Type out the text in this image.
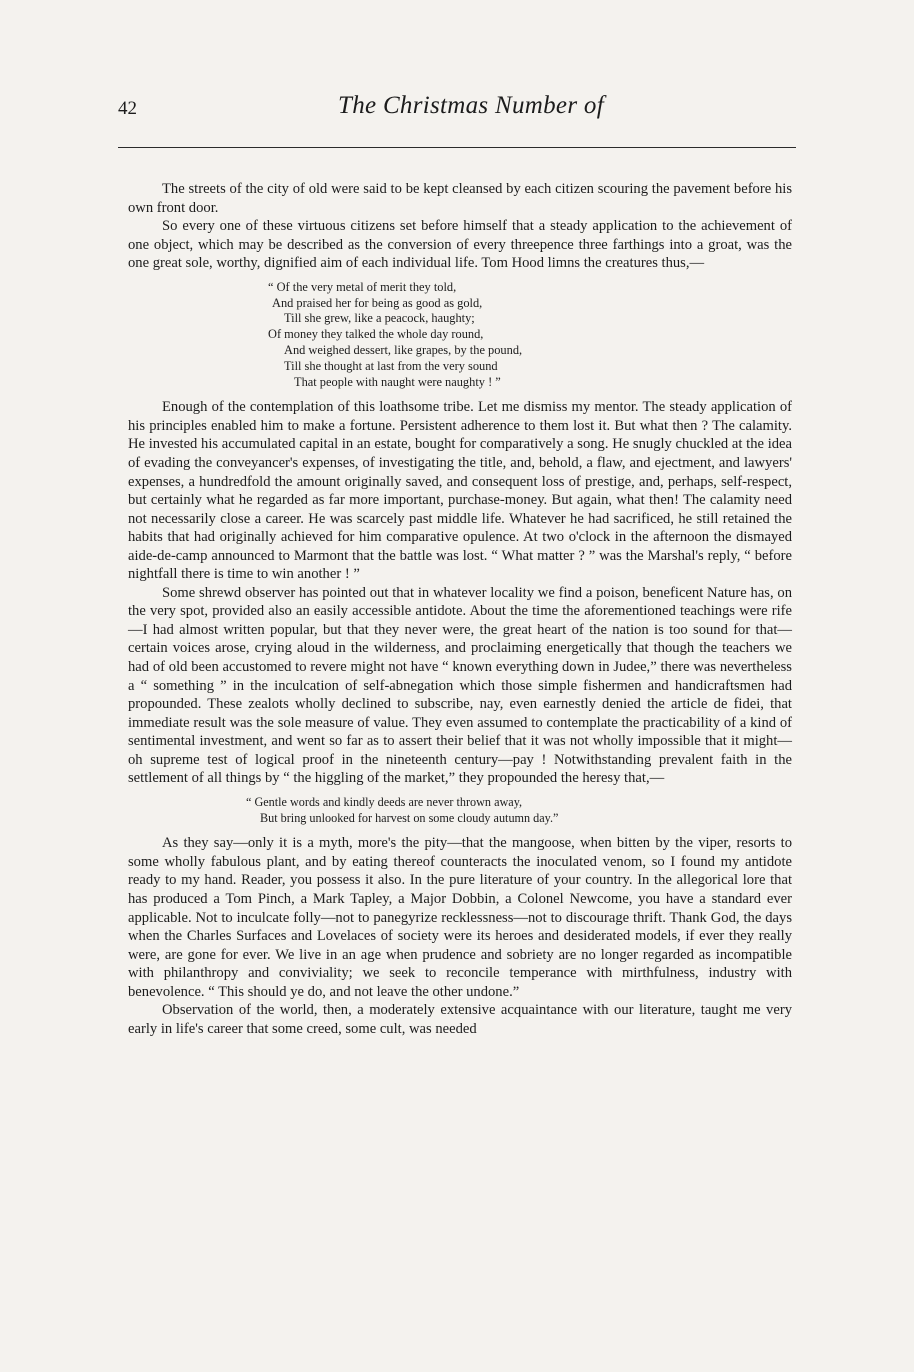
42	The Christmas Number of

The streets of the city of old were said to be kept cleansed by each citizen scouring the pavement before his own front door.

So every one of these virtuous citizens set before himself that a steady application to the achievement of one object, which may be described as the conversion of every threepence three farthings into a groat, was the one great sole, worthy, dignified aim of each individual life. Tom Hood limns the creatures thus,—

“ Of the very metal of merit they told,
And praised her for being as good as gold,
Till she grew, like a peacock, haughty;
Of money they talked the whole day round,
And weighed dessert, like grapes, by the pound,
Till she thought at last from the very sound
That people with naught were naughty ! ”

Enough of the contemplation of this loathsome tribe. Let me dismiss my mentor. The steady application of his principles enabled him to make a fortune. Persistent adherence to them lost it. But what then ? The calamity. He invested his accumulated capital in an estate, bought for comparatively a song. He snugly chuckled at the idea of evading the conveyancer's expenses, of investigating the title, and, behold, a flaw, and ejectment, and lawyers' expenses, a hundredfold the amount originally saved, and consequent loss of prestige, and, perhaps, self-respect, but certainly what he regarded as far more important, purchase-money. But again, what then! The calamity need not necessarily close a career. He was scarcely past middle life. Whatever he had sacrificed, he still retained the habits that had originally achieved for him comparative opulence. At two o'clock in the afternoon the dismayed aide-de-camp announced to Marmont that the battle was lost. “ What matter ? ” was the Marshal's reply, “ before nightfall there is time to win another ! ”

Some shrewd observer has pointed out that in whatever locality we find a poison, beneficent Nature has, on the very spot, provided also an easily accessible antidote. About the time the aforementioned teachings were rife—I had almost written popular, but that they never were, the great heart of the nation is too sound for that—certain voices arose, crying aloud in the wilderness, and proclaiming energetically that though the teachers we had of old been accustomed to revere might not have “ known everything down in Judee,” there was nevertheless a “ something ” in the inculcation of self-abnegation which those simple fishermen and handicraftsmen had propounded. These zealots wholly declined to subscribe, nay, even earnestly denied the article de fidei, that immediate result was the sole measure of value. They even assumed to contemplate the practicability of a kind of sentimental investment, and went so far as to assert their belief that it was not wholly impossible that it might—oh supreme test of logical proof in the nineteenth century—pay ! Notwithstanding prevalent faith in the settlement of all things by “ the higgling of the market,” they propounded the heresy that,—

“ Gentle words and kindly deeds are never thrown away,
But bring unlooked for harvest on some cloudy autumn day.”

As they say—only it is a myth, more's the pity—that the mangoose, when bitten by the viper, resorts to some wholly fabulous plant, and by eating thereof counteracts the inoculated venom, so I found my antidote ready to my hand. Reader, you possess it also. In the pure literature of your country. In the allegorical lore that has produced a Tom Pinch, a Mark Tapley, a Major Dobbin, a Colonel Newcome, you have a standard ever applicable. Not to inculcate folly—not to panegyrize recklessness—not to discourage thrift. Thank God, the days when the Charles Surfaces and Lovelaces of society were its heroes and desiderated models, if ever they really were, are gone for ever. We live in an age when prudence and sobriety are no longer regarded as incompatible with philanthropy and conviviality; we seek to reconcile temperance with mirthfulness, industry with benevolence. “ This should ye do, and not leave the other undone.”

Observation of the world, then, a moderately extensive acquaintance with our literature, taught me very early in life's career that some creed, some cult, was needed
